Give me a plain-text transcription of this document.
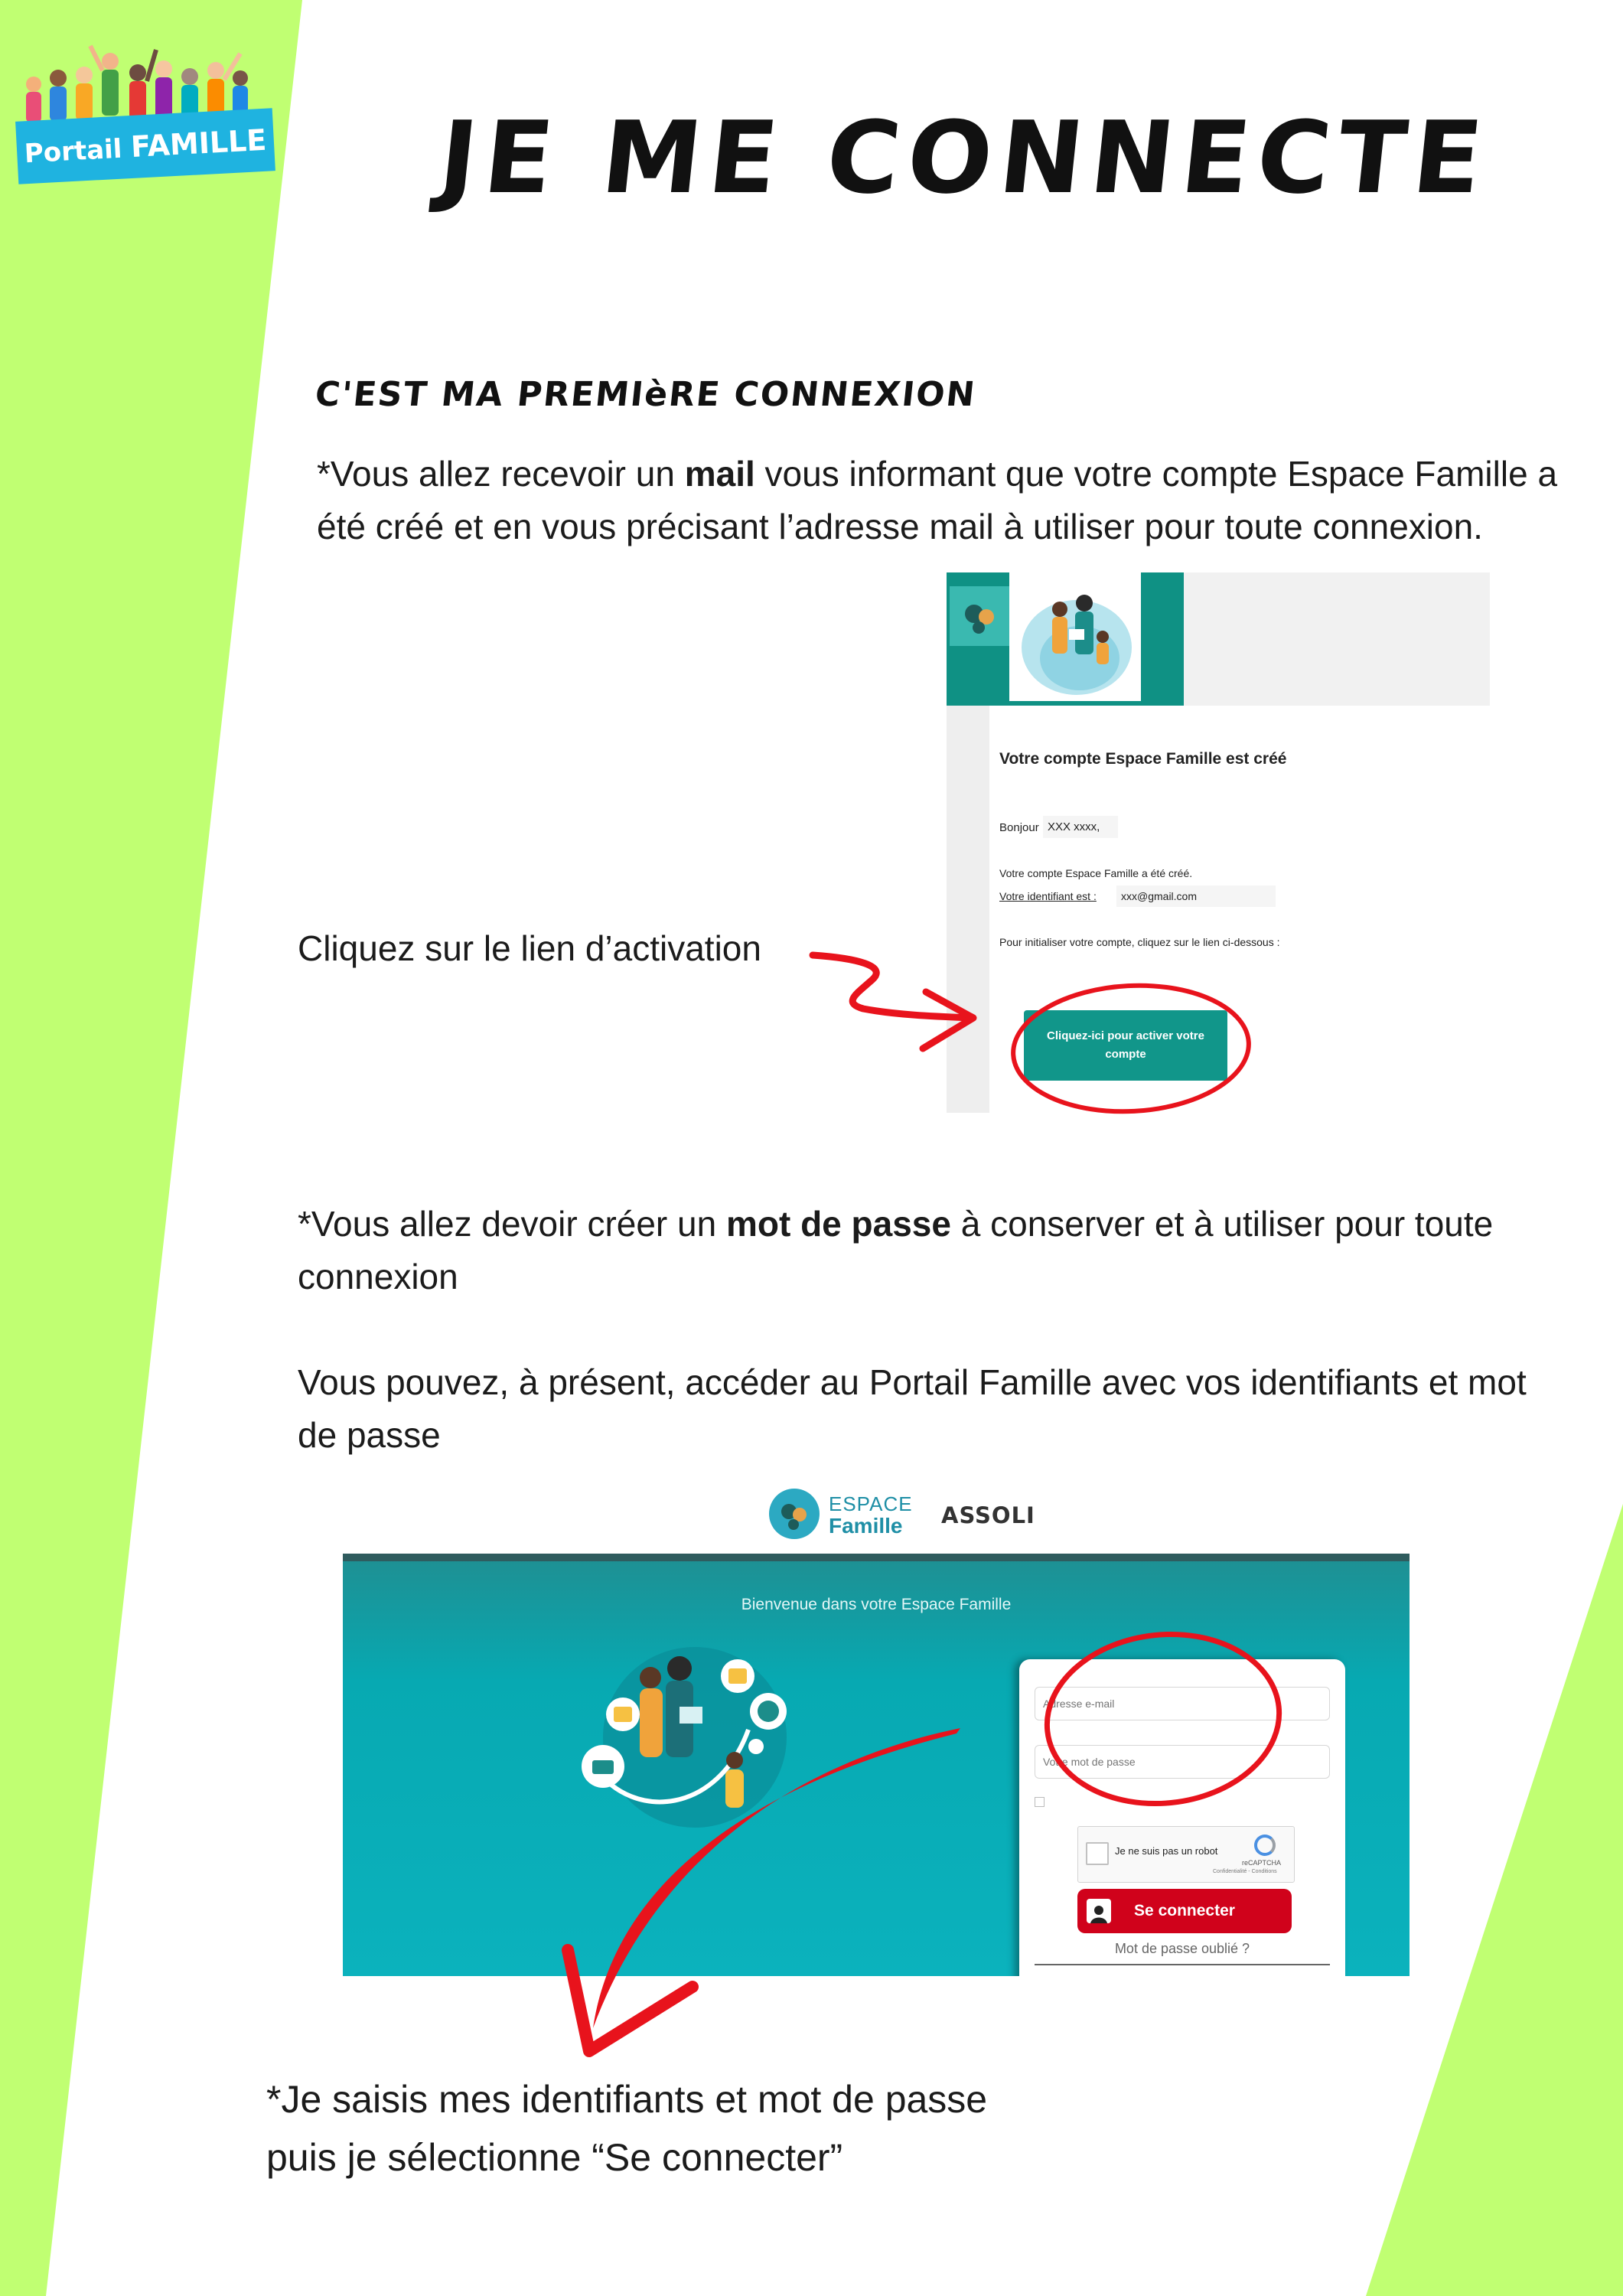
Portail FAMILLE	JE ME CONNECTE
C'EST MA PREMIèRE CONNEXION
*Vous allez recevoir un mail vous informant que votre compte Espace Famille a été créé et en vous précisant l’adresse mail à utiliser pour toute connexion.
Cliquez sur le lien d’activation
Votre compte Espace Famille est créé
Bonjour XXX xxxx,
Votre compte Espace Famille a été créé.
Votre identifiant est :	xxx@gmail.com
Pour initialiser votre compte, cliquez sur le lien ci-dessous :
Cliquez-ici pour activer votre compte
*Vous allez devoir créer un mot de passe à conserver et à utiliser pour toute connexion
Vous pouvez, à présent, accéder au Portail Famille avec vos identifiants et mot de passe
ESPACE
Famille ASSOLI
Bienvenue dans votre Espace Famille
Adresse e-mail
Je ne suis pas un robot
reCAPTCHA
Confidentialité - Conditions
Se connecter
Mot de passe oublié ?
*Je saisis mes identifiants et mot de passe
puis je sélectionne “Se connecter”
